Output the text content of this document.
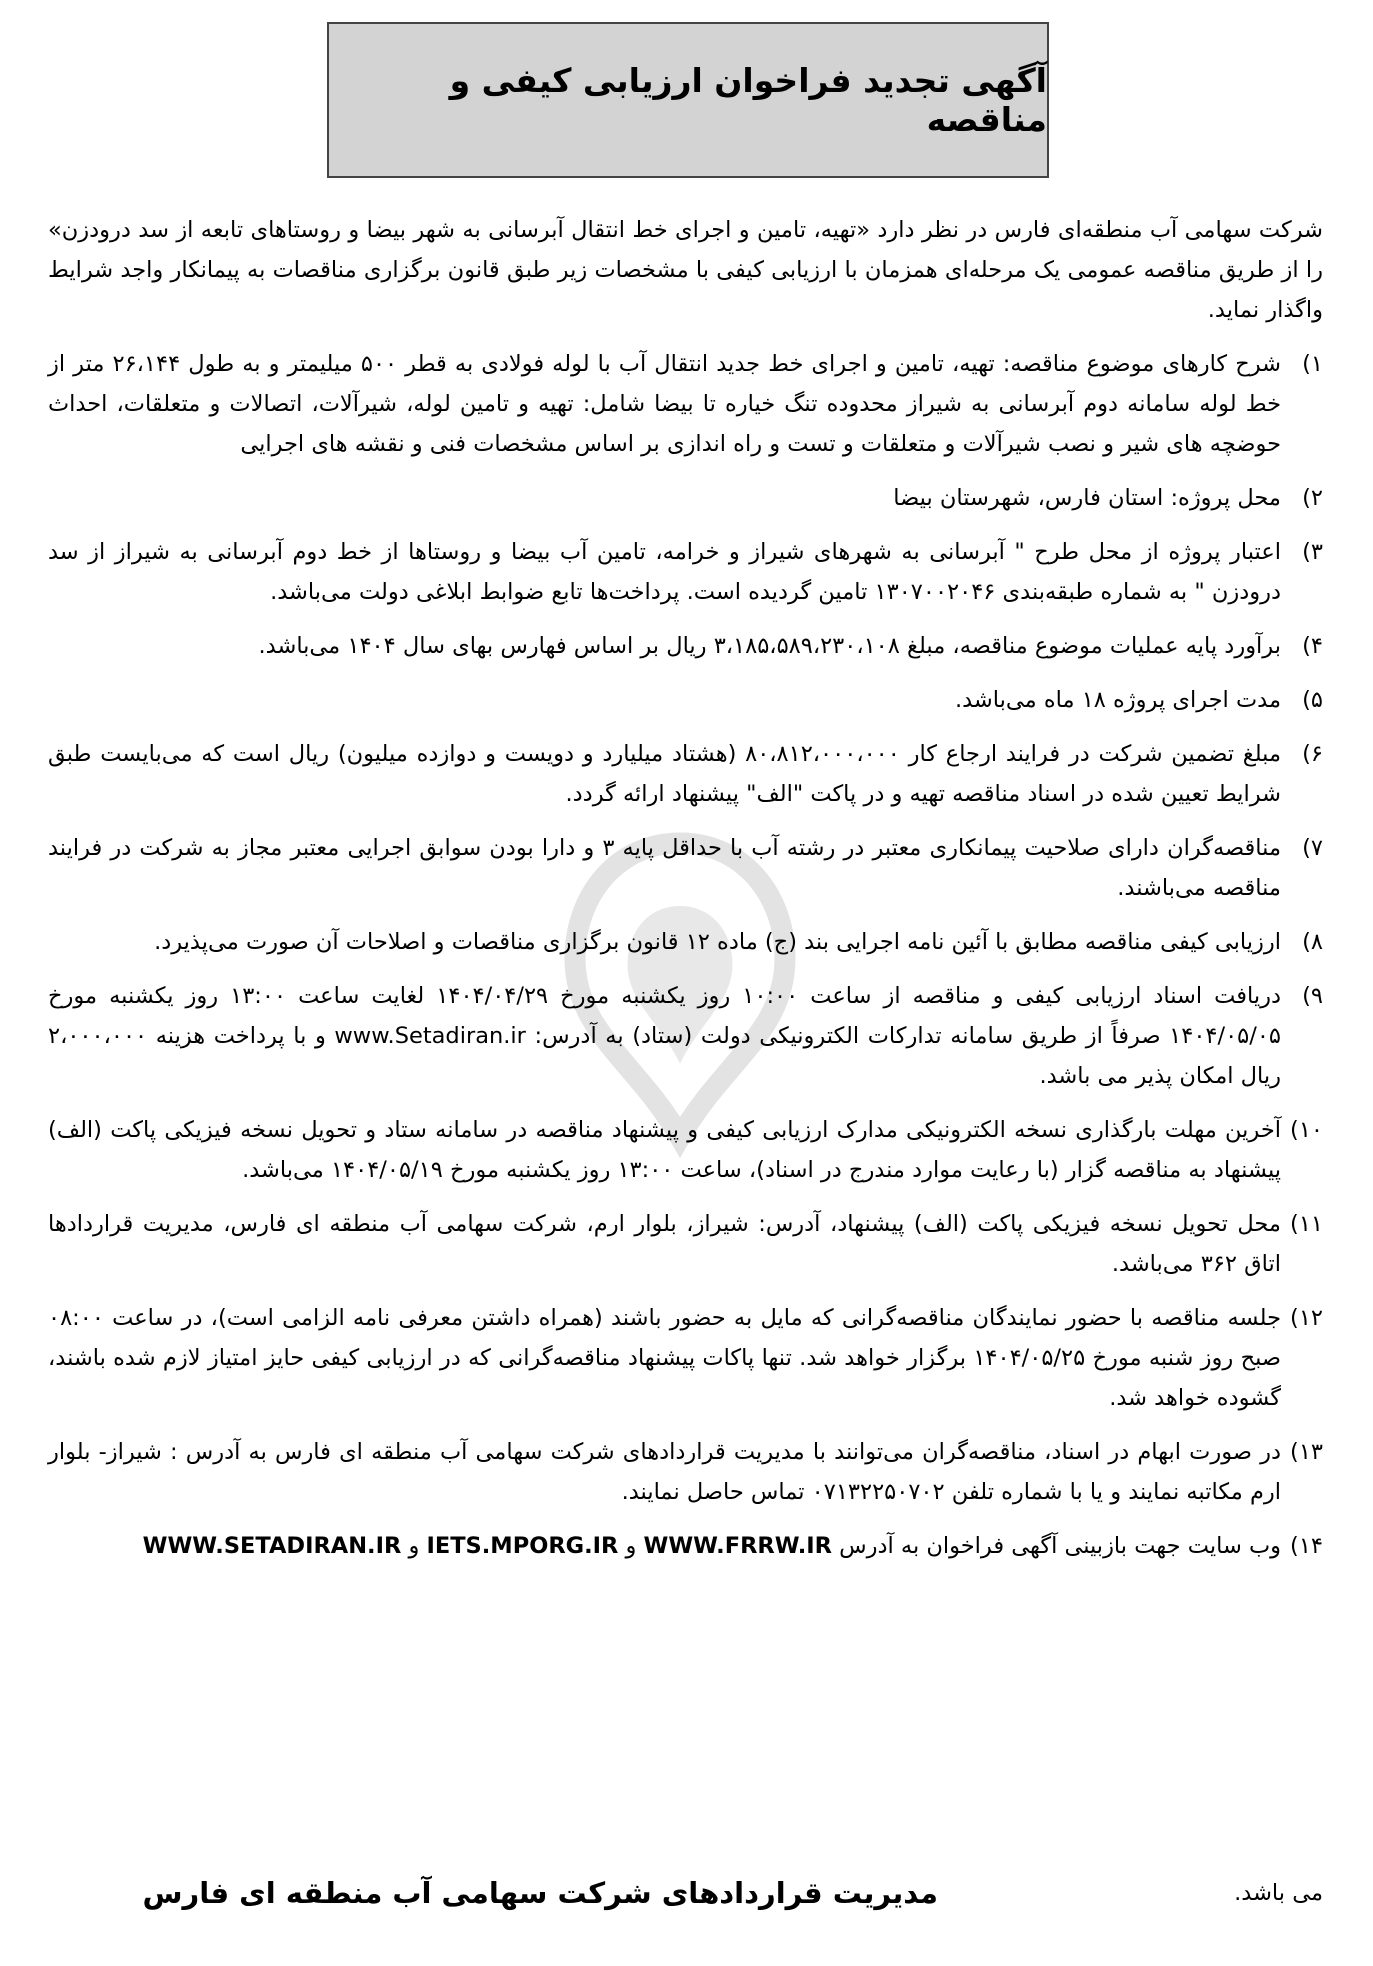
آگهی تجدید فراخوان ارزیابی کیفی و مناقصه

شرکت سهامی آب منطقه‌ای فارس در نظر دارد «تهیه، تامین و اجرای خط انتقال آبرسانی به شهر بیضا و روستاهای تابعه از سد درودزن» را از طریق مناقصه عمومی یک مرحله‌ای همزمان با ارزیابی کیفی با مشخصات زیر طبق قانون برگزاری مناقصات به پیمانکار واجد شرایط واگذار نماید.

۱)
شرح کارهای موضوع مناقصه: تهیه، تامین و اجرای خط جدید انتقال آب با لوله فولادی به قطر ۵۰۰ میلیمتر و به طول ۲۶،۱۴۴ متر از خط لوله سامانه دوم آبرسانی به شیراز محدوده تنگ خیاره تا بیضا شامل: تهیه و تامین لوله، شیرآلات، اتصالات و متعلقات، احداث حوضچه های شیر و نصب شیرآلات و متعلقات و تست و راه اندازی بر اساس مشخصات فنی و نقشه های اجرایی
۲)
محل پروژه: استان فارس، شهرستان بیضا
۳)
اعتبار پروژه از محل طرح " آبرسانی به شهرهای شیراز و خرامه، تامین آب بیضا و روستاها از خط دوم آبرسانی به شیراز از سد درودزن " به شماره طبقه‌بندی ۱۳۰۷۰۰۲۰۴۶ تامین گردیده است. پرداخت‌ها تابع ضوابط ابلاغی دولت می‌باشد.
۴)
برآورد پایه عملیات موضوع مناقصه، مبلغ ۳،۱۸۵،۵۸۹،۲۳۰،۱۰۸ ریال بر اساس فهارس بهای سال ۱۴۰۴ می‌باشد.
۵)
مدت اجرای پروژه ۱۸ ماه می‌باشد.
۶)
مبلغ تضمین شرکت در فرایند ارجاع کار ۸۰،۸۱۲،۰۰۰،۰۰۰ (هشتاد میلیارد و دویست و دوازده میلیون) ریال است که می‌بایست طبق شرایط تعیین شده در اسناد مناقصه تهیه و در پاکت "الف" پیشنهاد ارائه گردد.
۷)
مناقصه‌گران دارای صلاحیت پیمانکاری معتبر در رشته آب با حداقل پایه ۳ و دارا بودن سوابق اجرایی معتبر مجاز به شرکت در فرایند مناقصه می‌باشند.
۸)
ارزیابی کیفی مناقصه مطابق با آئین نامه اجرایی بند (ج) ماده ۱۲ قانون برگزاری مناقصات و اصلاحات آن صورت می‌پذیرد.
۹)
دریافت اسناد ارزیابی کیفی و مناقصه از ساعت ۱۰:۰۰ روز یکشنبه مورخ ۱۴۰۴/۰۴/۲۹ لغایت ساعت ۱۳:۰۰ روز یکشنبه مورخ ۱۴۰۴/۰۵/۰۵ صرفاً از طریق سامانه تدارکات الکترونیکی دولت (ستاد) به آدرس: www.Setadiran.ir و با پرداخت هزینه ۲،۰۰۰،۰۰۰ ریال امکان پذیر می باشد.
۱۰)
آخرین مهلت بارگذاری نسخه الکترونیکی مدارک ارزیابی کیفی و پیشنهاد مناقصه در سامانه ستاد و تحویل نسخه فیزیکی پاکت (الف) پیشنهاد به مناقصه گزار (با رعایت موارد مندرج در اسناد)، ساعت ۱۳:۰۰ روز یکشنبه مورخ ۱۴۰۴/۰۵/۱۹ می‌باشد.
۱۱)
محل تحویل نسخه فیزیکی پاکت (الف) پیشنهاد، آدرس: شیراز، بلوار ارم، شرکت سهامی آب منطقه ای فارس، مدیریت قراردادها اتاق ۳۶۲ می‌باشد.
۱۲)
جلسه مناقصه با حضور نمایندگان مناقصه‌گرانی که مایل به حضور باشند (همراه داشتن معرفی نامه الزامی است)، در ساعت ۰۸:۰۰ صبح روز شنبه مورخ ۱۴۰۴/۰۵/۲۵ برگزار خواهد شد. تنها پاکات پیشنهاد مناقصه‌گرانی که در ارزیابی کیفی حایز امتیاز لازم شده باشند، گشوده خواهد شد.
۱۳)
در صورت ابهام در اسناد، مناقصه‌گران می‌توانند با مدیریت قراردادهای شرکت سهامی آب منطقه ای فارس به آدرس : شیراز- بلوار ارم مکاتبه نمایند و یا با شماره تلفن ۰۷۱۳۲۲۵۰۷۰۲ تماس حاصل نمایند.
۱۴)
وب سایت جهت بازبینی آگهی فراخوان به آدرس WWW.FRRW.IR و IETS.MPORG.IR و WWW.SETADIRAN.IR
می باشد.
مدیریت قراردادهای شرکت سهامی آب منطقه ای فارس
